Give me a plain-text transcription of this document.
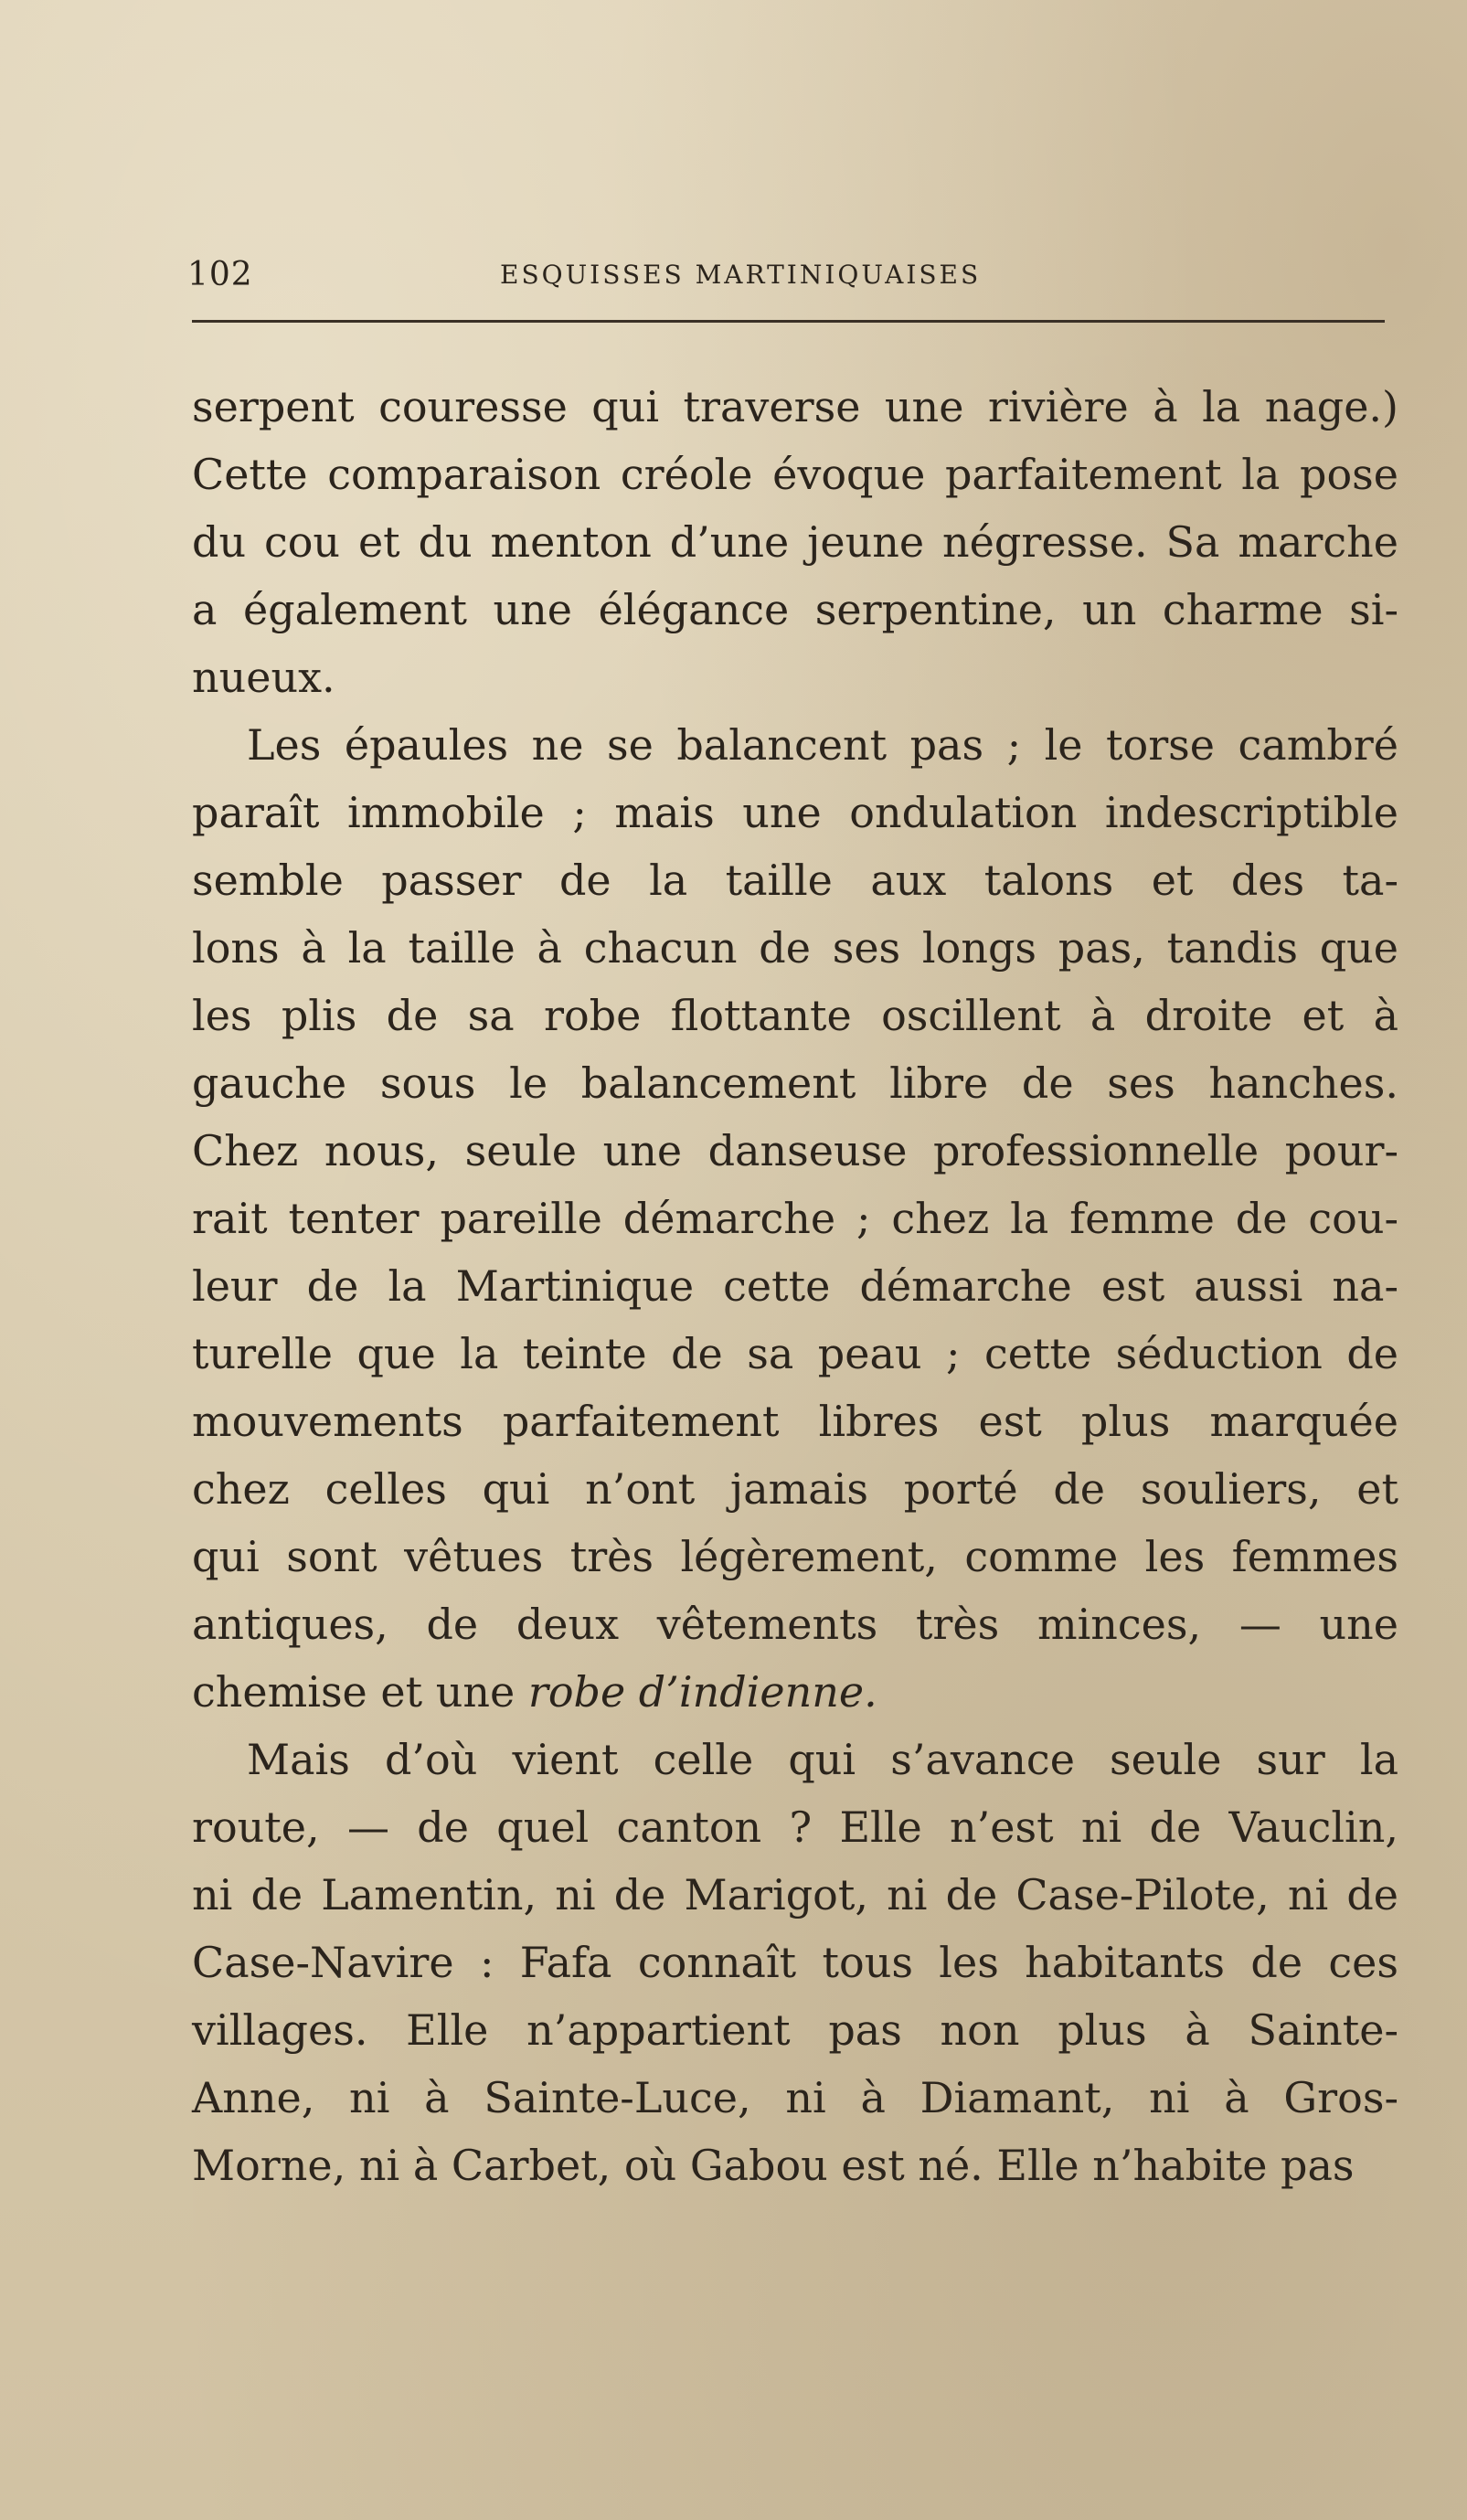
102	ESQUISSES MARTINIQUAISES
serpent couresse qui traverse une rivière à la nage.)
Cette comparaison créole évoque parfaitement la pose
du cou et du menton d’une jeune négresse. Sa marche
a également une élégance serpentine, un charme si-
nueux.
Les épaules ne se balancent pas ; le torse cambré
paraît immobile ; mais une ondulation indescriptible
semble passer de la taille aux talons et des ta-
lons à la taille à chacun de ses longs pas, tandis que
les plis de sa robe flottante oscillent à droite et à
gauche sous le balancement libre de ses hanches.
Chez nous, seule une danseuse professionnelle pour-
rait tenter pareille démarche ; chez la femme de cou-
leur de la Martinique cette démarche est aussi na-
turelle que la teinte de sa peau ; cette séduction de
mouvements parfaitement libres est plus marquée
chez celles qui n’ont jamais porté de souliers, et
qui sont vêtues très légèrement, comme les femmes
antiques, de deux vêtements très minces, — une
chemise et une robe d’indienne.
Mais d’où vient celle qui s’avance seule sur la
route, — de quel canton ? Elle n’est ni de Vauclin,
ni de Lamentin, ni de Marigot, ni de Case-Pilote, ni de
Case-Navire : Fafa connaît tous les habitants de ces
villages. Elle n’appartient pas non plus à Sainte-
Anne, ni à Sainte-Luce, ni à Diamant, ni à Gros-
Morne, ni à Carbet, où Gabou est né. Elle n’habite pas
